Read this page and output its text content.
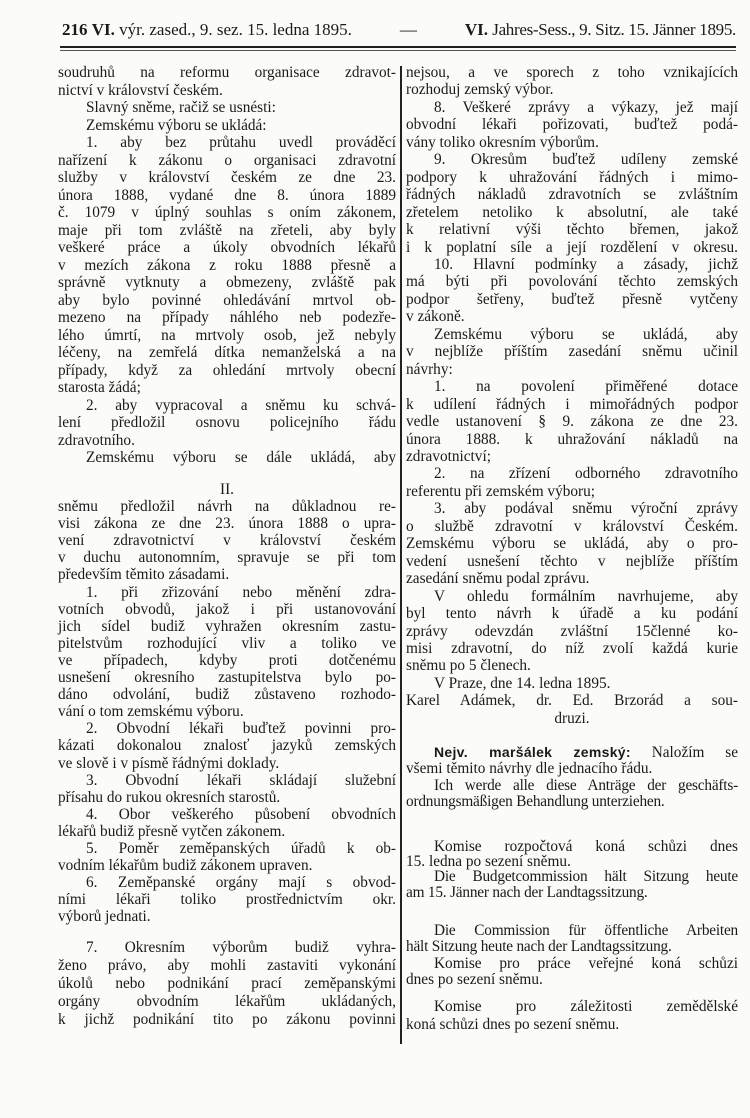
216 VI. výr. zased., 9. sez. 15. ledna 1895.	—	VI. Jahres-Sess., 9. Sitz. 15. Jänner 1895.
soudruhů na reformu organisace zdravot-
nictví v království českém.
Slavný sněme, račiž se usnésti:
Zemskému výboru se ukládá:
1. aby bez průtahu uvedl prováděcí
nařízení k zákonu o organisaci zdravotní
služby v království českém ze dne 23.
února 1888, vydané dne 8. února 1889
č. 1079 v úplný souhlas s oním zákonem,
maje při tom zvláště na zřeteli, aby byly
veškeré práce a úkoly obvodních lékařů
v mezích zákona z roku 1888 přesně a
správně vytknuty a obmezeny, zvláště pak
aby bylo povinné ohledávání mrtvol ob-
mezeno na případy náhlého neb podezře-
lého úmrtí, na mrtvoly osob, jež nebyly
léčeny, na zemřelá dítka nemanželská a na
případy, když za ohledání mrtvoly obecní
starosta žádá;
2. aby vypracoval a sněmu ku schvá-
lení předložil osnovu policejního řádu
zdravotního.
Zemskému výboru se dále ukládá, aby
II.
sněmu předložil návrh na důkladnou re-
visi zákona ze dne 23. února 1888 o upra-
vení zdravotnictví v království českém
v duchu autonomním, spravuje se při tom
především těmito zásadami.
1. při zřizování nebo měnění zdra-
votních obvodů, jakož i při ustanovování
jich sídel budiž vyhražen okresním zastu-
pitelstvům rozhodující vliv a toliko ve
ve případech, kdyby proti dotčenému
usnešení okresního zastupitelstva bylo po-
dáno odvolání, budiž zůstaveno rozhodo-
vání o tom zemskému výboru.
2. Obvodní lékaři buďtež povinni pro-
kázati dokonalou znalosť jazyků zemských
ve slově i v písmě řádnými doklady.
3. Obvodní lékaři skládají služební
přísahu do rukou okresních starostů.
4. Obor veškerého působení obvodních
lékařů budiž přesně vytčen zákonem.
5. Poměr zeměpanských úřadů k ob-
vodním lékařům budiž zákonem upraven.
6. Zeměpanské orgány mají s obvod-
ními lékaři toliko prostřednictvím okr.
výborů jednati.
7. Okresním výborům budiž vyhra-
ženo právo, aby mohli zastaviti vykonání
úkolů nebo podnikání prací zeměpanskými
orgány obvodním lékařům ukládaných,
k jichž podnikání tito po zákonu povinni
nejsou, a ve sporech z toho vznikajících
rozhoduj zemský výbor.
8. Veškeré zprávy a výkazy, jež mají
obvodní lékaři pořizovati, buďtež podá-
vány toliko okresním výborům.
9. Okresům buďtež udíleny zemské
podpory k uhražování řádných i mimo-
řádných nákladů zdravotních se zvláštním
zřetelem netoliko k absolutní, ale také
k relativní výši těchto břemen, jakož
i k poplatní síle a její rozdělení v okresu.
10. Hlavní podmínky a zásady, jichž
má býti při povolování těchto zemských
podpor šetřeny, buďtež přesně vytčeny
v zákoně.
Zemskému výboru se ukládá, aby
v nejblíže příštím zasedání sněmu učinil
návrhy:
1. na povolení přiměřené dotace
k udílení řádných i mimořádných podpor
vedle ustanovení § 9. zákona ze dne 23.
února 1888. k uhražování nákladů na
zdravotnictví;
2. na zřízení odborného zdravotního
referentu při zemském výboru;
3. aby podával sněmu výroční zprávy
o službě zdravotní v království Českém.
Zemskému výboru se ukládá, aby o pro-
vedení usnešení těchto v nejblíže příštím
zasedání sněmu podal zprávu.
V ohledu formálním navrhujeme, aby
byl tento návrh k úřadě a ku podání
zprávy odevzdán zvláštní 15členné ko-
misi zdravotní, do níž zvolí každá kurie
sněmu po 5 členech.
V Praze, dne 14. ledna 1895.
Karel Adámek, dr. Ed. Brzorád a sou-
druzi.
Nejv. maršálek zemský: Naložím se
všemi těmito návrhy dle jednacího řádu.
Ich werde alle diese Anträge der geschäfts-
ordnungsmäßigen Behandlung unterziehen.
Komise rozpočtová koná schůzi dnes
15. ledna po sezení sněmu.
Die Budgetcommission hält Sitzung heute
am 15. Jänner nach der Landtagssitzung.
Die Commission für öffentliche Arbeiten
hält Sitzung heute nach der Landtagssitzung.
Komise pro práce veřejné koná schůzi
dnes po sezení sněmu.
Komise pro záležitosti zemědělské
koná schůzi dnes po sezení sněmu.
